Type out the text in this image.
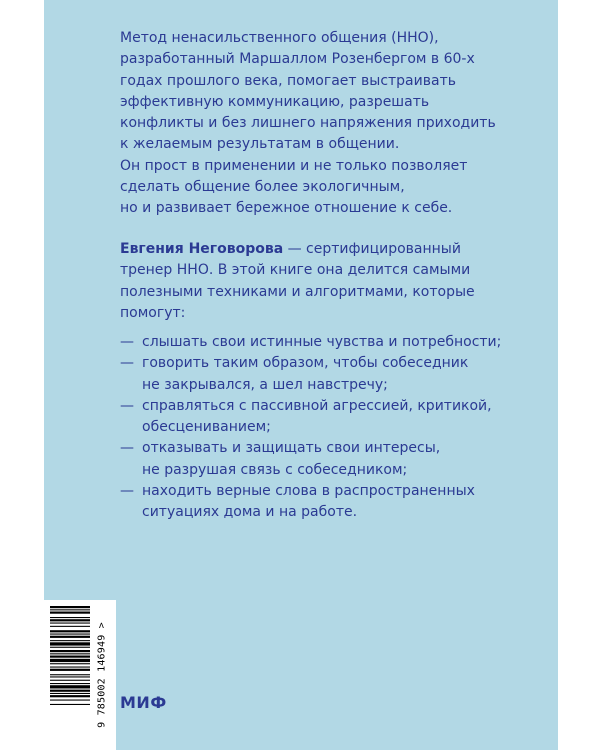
Метод ненасильственного общения (ННО),
разработанный Маршаллом Розенбергом в 60-х
годах прошлого века, помогает выстраивать
эффективную коммуникацию, разрешать
конфликты и без лишнего напряжения приходить
к желаемым результатам в общении.
Он прост в применении и не только позволяет
сделать общение более экологичным,
но и развивает бережное отношение к себе.
Евгения Неговорова — сертифицированный
тренер ННО. В этой книге она делится самыми
полезными техниками и алгоритмами, которые
помогут:
— слышать свои истинные чувства и потребности;
— говорить таким образом, чтобы собеседник
не закрывался, а шел навстречу;
— справляться с пассивной агрессией, критикой,
обесцениванием;
— отказывать и защищать свои интересы,
не разрушая связь с собеседником;
— находить верные слова в распространенных
ситуациях дома и на работе.
9 785002 146949 > МИФ
